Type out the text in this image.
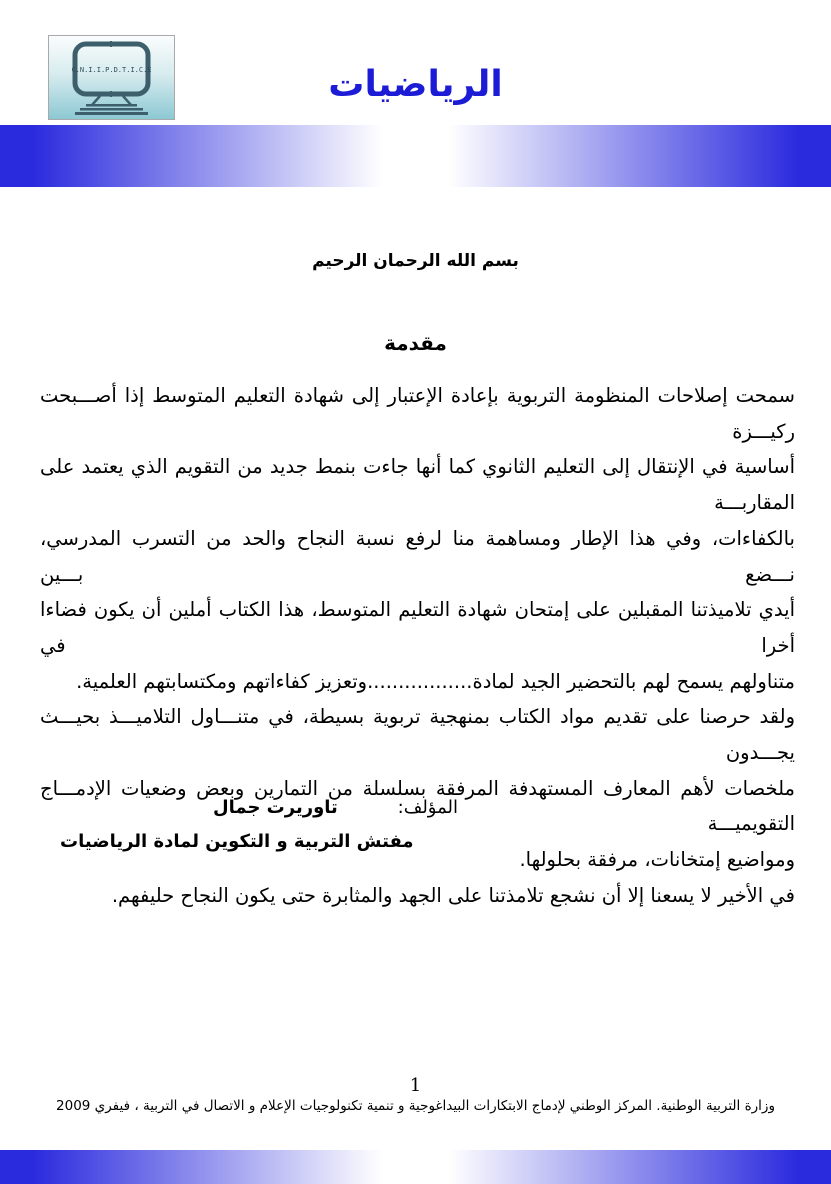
C.N.I.I.P.D.T.I.C.E	الرياضيات
بسم الله الرحمان الرحيم
مقدمة
سمحت إصلاحات المنظومة التربوية بإعادة الإعتبار إلى شهادة التعليم المتوسط إذا أصـــبحت ركيـــزة
أساسية في الإنتقال إلى التعليم الثانوي كما أنها جاءت بنمط جديد من التقويم الذي يعتمد على المقاربـــة
بالكفاءات، وفي هذا الإطار ومساهمة منا لرفع نسبة النجاح والحد من التسرب المدرسي، نـــضع بـــين
أيدي تلاميذتنا المقبلين على إمتحان شهادة التعليم المتوسط، هذا الكتاب أملين أن يكون فضاءا أخرا في
متناولهم يسمح لهم بالتحضير الجيد لمادة.................وتعزيز كفاءاتهم ومكتسابتهم العلمية.
ولقد حرصنا على تقديم مواد الكتاب بمنهجية تربوية بسيطة، في متنـــاول التلاميـــذ بحيـــث يجـــدون
ملخصات لأهم المعارف المستهدفة المرفقة بسلسلة من التمارين وبعض وضعيات الإدمـــاج التقويميـــة
ومواضيع إمتخانات، مرفقة بحلولها.
في الأخير لا يسعنا إلا أن نشجع تلامذتنا على الجهد والمثابرة حتى يكون النجاح حليفهم.
المؤلف:
تاوريرت جمال
مفتش التربية و التكوين لمادة الرياضيات
1
وزارة التربية الوطنية. المركز الوطني لإدماج الابتكارات البيداغوجية و تنمية تكنولوجيات الإعلام و الاتصال في التربية ، فيفري 2009
